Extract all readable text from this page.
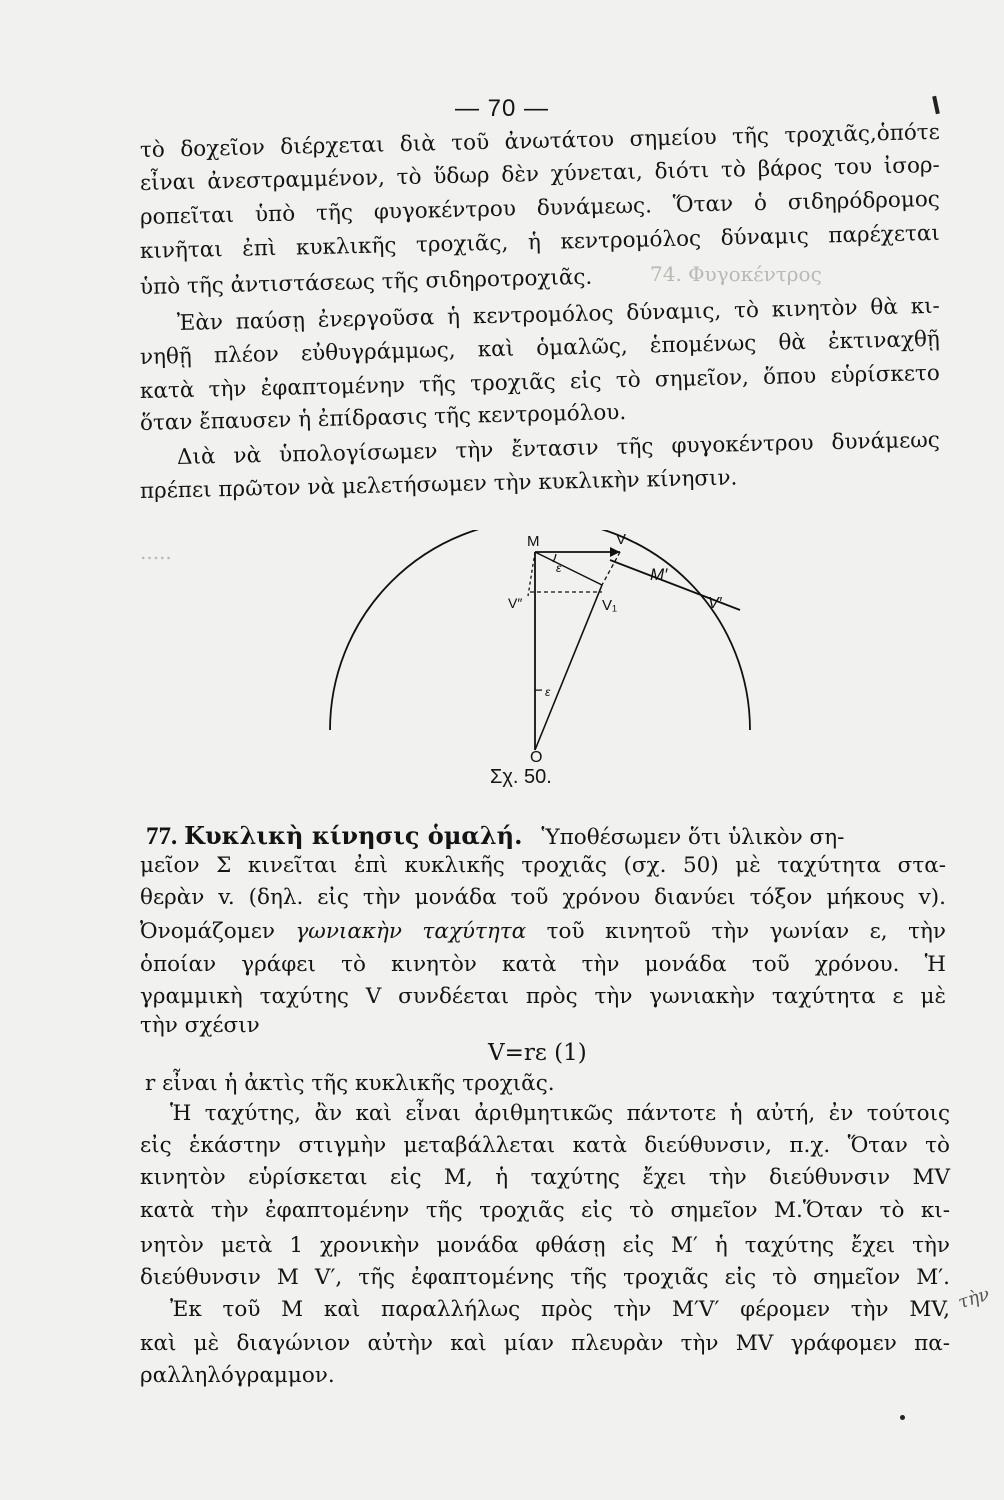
— 70 —
74. Φυγοκέντρος
.....
τὸ δοχεῖον διέρχεται διὰ τοῦ ἀνωτάτου σημείου τῆς τροχιᾶς,ὁπότε
εἶναι ἀνεστραμμένον, τὸ ὕδωρ δὲν χύνεται, διότι τὸ βάρος του ἰσορ-
ροπεῖται ὑπὸ τῆς φυγοκέντρου δυνάμεως. Ὅταν ὁ σιδηρόδρομος
κινῆται ἐπὶ κυκλικῆς τροχιᾶς, ἡ κεντρομόλος δύναμις παρέχεται
ὑπὸ τῆς ἀντιστάσεως τῆς σιδηροτροχιᾶς.
Ἐὰν παύσῃ ἐνεργοῦσα ἡ κεντρομόλος δύναμις, τὸ κινητὸν θὰ κι-
νηθῇ πλέον εὐθυγράμμως, καὶ ὁμαλῶς, ἑπομένως θὰ ἐκτιναχθῇ
κατὰ τὴν ἐφαπτομένην τῆς τροχιᾶς εἰς τὸ σημεῖον, ὅπου εὑρίσκετο
ὅταν ἔπαυσεν ἡ ἐπίδρασις τῆς κεντρομόλου.
Διὰ νὰ ὑπολογίσωμεν τὴν ἔντασιν τῆς φυγοκέντρου δυνάμεως
πρέπει πρῶτον νὰ μελετήσωμεν τὴν κυκλικὴν κίνησιν.
M	V
M′
V′
V″	V₁
ε
ε
O
Σχ. 50.
77. Κυκλικὴ κίνησις ὁμαλή. Ὑποθέσωμεν ὅτι ὑλικὸν ση-
μεῖον Σ κινεῖται ἐπὶ κυκλικῆς τροχιᾶς (σχ. 50) μὲ ταχύτητα στα-
θερὰν v. (δηλ. εἰς τὴν μονάδα τοῦ χρόνου διανύει τόξον μήκους v).
Ὀνομάζομεν γωνιακὴν ταχύτητα τοῦ κινητοῦ τὴν γωνίαν ε, τὴν
ὁποίαν γράφει τὸ κινητὸν κατὰ τὴν μονάδα τοῦ χρόνου. Ἡ
γραμμικὴ ταχύτης V συνδέεται πρὸς τὴν γωνιακὴν ταχύτητα ε μὲ
τὴν σχέσιν
V=rε (1)
r εἶναι ἡ ἀκτὶς τῆς κυκλικῆς τροχιᾶς.
Ἡ ταχύτης, ἂν καὶ εἶναι ἀριθμητικῶς πάντοτε ἡ αὐτή, ἐν τούτοις
εἰς ἑκάστην στιγμὴν μεταβάλλεται κατὰ διεύθυνσιν, π.χ. Ὅταν τὸ
κινητὸν εὑρίσκεται εἰς Μ, ἡ ταχύτης ἔχει τὴν διεύθυνσιν ΜV
κατὰ τὴν ἐφαπτομένην τῆς τροχιᾶς εἰς τὸ σημεῖον Μ.Ὅταν τὸ κι-
νητὸν μετὰ 1 χρονικὴν μονάδα φθάσῃ εἰς Μ′ ἡ ταχύτης ἔχει τὴν
διεύθυνσιν Μ V′, τῆς ἐφαπτομένης τῆς τροχιᾶς εἰς τὸ σημεῖον Μ′.
Ἐκ τοῦ Μ καὶ παραλλήλως πρὸς τὴν Μ′V′ φέρομεν τὴν ΜV,
καὶ μὲ διαγώνιον αὐτὴν καὶ μίαν πλευρὰν τὴν ΜV γράφομεν πα-
ραλληλόγραμμον.
τὴν
